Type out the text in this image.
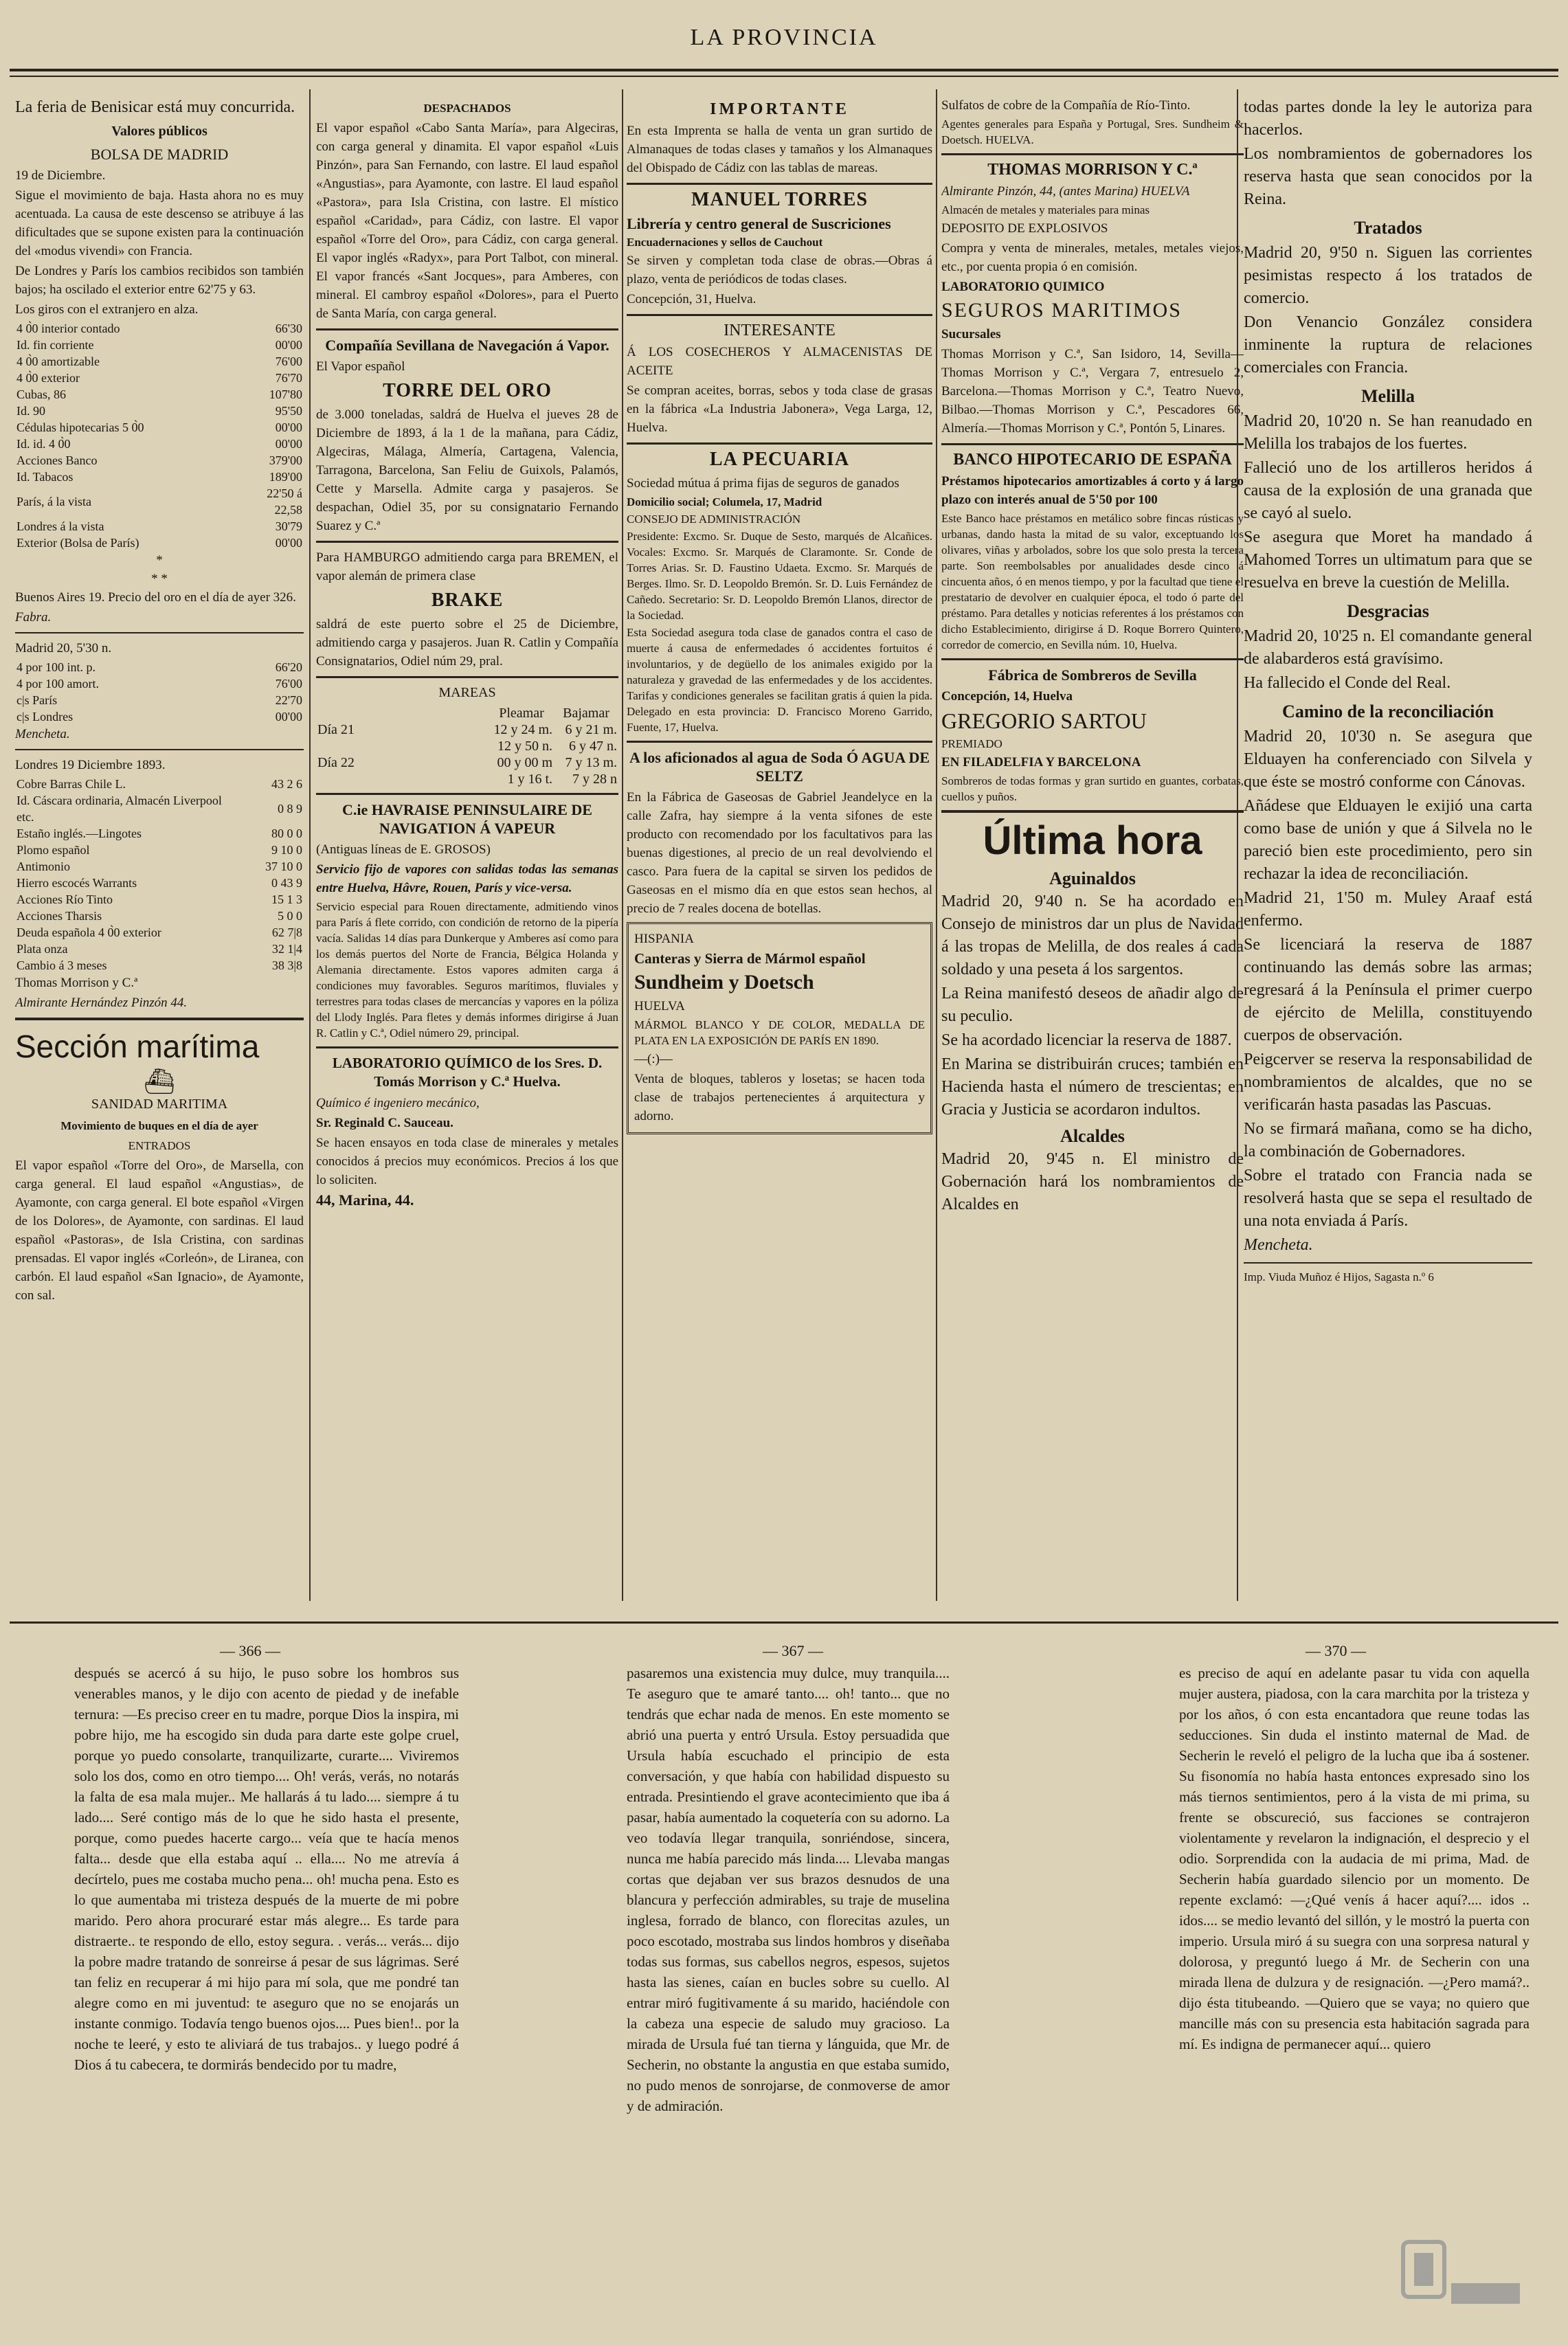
LA PROVINCIA

La feria de Benisicar está muy concurrida.

Valores públicos
BOLSA DE MADRID

19 de Diciembre.

Sigue el movimiento de baja. Hasta ahora no es muy acentuada. La causa de este descenso se atribuye á las dificultades que se supone existen para la continuación del «modus vivendi» con Francia.

De Londres y París los cambios recibidos son también bajos; ha oscilado el exterior entre 62'75 y 63.

Los giros con el extranjero en alza.

4 0̀0 interior contado	66'30
Id. fin corriente	00'00
4 0̀0 amortizable	76'00
4 0̀0 exterior	76'70
Cubas, 86	107'80
Id. 90	95'50
Cédulas hipotecarias 5 0̀0	00'00
Id. id. 4 0̀0	00'00
Acciones Banco	379'00
Id. Tabacos	189'00
París, á la vista	22'50 á 22,58
Londres á la vista	30'79
Exterior (Bolsa de París)	00'00
*
* *

Buenos Aires 19. Precio del oro en el día de ayer 326.

Fabra.

Madrid 20, 5'30 n.

4 por 100 int. p.	66'20
4 por 100 amort.	76'00
c|s París	22'70
c|s Londres	00'00

Mencheta.

Londres 19 Diciembre 1893.

Cobre Barras Chile L.	43 2 6
Id. Cáscara ordinaria, Almacén Liverpool etc.	0 8 9
Estaño inglés.—Lingotes	80 0 0
Plomo español	9 10 0
Antimonio	37 10 0
Hierro escocés Warrants	0 43 9
Acciones Río Tinto	15 1 3
Acciones Tharsis	5 0 0
Deuda española 4 0̀0 exterior	62 7|8
Plata onza	32 1|4
Cambio á 3 meses	38 3|8

Thomas Morrison y C.ª

Almirante Hernández Pinzón 44.

Sección marítima
⛴
SANIDAD MARITIMA
Movimiento de buques en el día de ayer
ENTRADOS

El vapor español «Torre del Oro», de Marsella, con carga general. El laud español «Angustias», de Ayamonte, con carga general. El bote español «Virgen de los Dolores», de Ayamonte, con sardinas. El laud español «Pastoras», de Isla Cristina, con sardinas prensadas. El vapor inglés «Corleón», de Liranea, con carbón. El laud español «San Ignacio», de Ayamonte, con sal.

DESPACHADOS

El vapor español «Cabo Santa María», para Algeciras, con carga general y dinamita. El vapor español «Luis Pinzón», para San Fernando, con lastre. El laud español «Angustias», para Ayamonte, con lastre. El laud español «Pastora», para Isla Cristina, con lastre. El místico español «Caridad», para Cádiz, con lastre. El vapor español «Torre del Oro», para Cádiz, con carga general. El vapor inglés «Radyx», para Port Talbot, con mineral. El vapor francés «Sant Jocques», para Amberes, con mineral. El cambroy español «Dolores», para el Puerto de Santa María, con carga general.

Compañía Sevillana de Navegación á Vapor.

El Vapor español

TORRE DEL ORO

de 3.000 toneladas, saldrá de Huelva el jueves 28 de Diciembre de 1893, á la 1 de la mañana, para Cádiz, Algeciras, Málaga, Almería, Cartagena, Valencia, Tarragona, Barcelona, San Feliu de Guixols, Palamós, Cette y Marsella. Admite carga y pasajeros. Se despachan, Odiel 35, por su consignatario Fernando Suarez y C.ª

Para HAMBURGO admitiendo carga para BREMEN, el vapor alemán de primera clase

BRAKE

saldrá de este puerto sobre el 25 de Diciembre, admitiendo carga y pasajeros. Juan R. Catlin y Compañía Consignatarios, Odiel núm 29, pral.

MAREAS
	Pleamar	Bajamar
Día 21	12 y 24 m.	6 y 21 m.
	12 y 50 n.	6 y 47 n.
Día 22	00 y 00 m	7 y 13 m.
	1 y 16 t.	7 y 28 n
C.ie HAVRAISE PENINSULAIRE DE NAVIGATION Á VAPEUR

(Antiguas líneas de E. GROSOS)

Servicio fijo de vapores con salidas todas las semanas entre Huelva, Hâvre, Rouen, París y vice-versa.

Servicio especial para Rouen directamente, admitiendo vinos para París á flete corrido, con condición de retorno de la pipería vacía. Salidas 14 días para Dunkerque y Amberes así como para los demás puertos del Norte de Francia, Bélgica Holanda y Alemania directamente. Estos vapores admiten carga á condiciones muy favorables. Seguros marítimos, fluviales y terrestres para todas clases de mercancías y vapores en la póliza del Llody Inglés. Para fletes y demás informes dirigirse á Juan R. Catlin y C.ª, Odiel número 29, principal.

LABORATORIO QUÍMICO de los Sres. D. Tomás Morrison y C.ª Huelva.

Químico é ingeniero mecánico,

Sr. Reginald C. Sauceau.

Se hacen ensayos en toda clase de minerales y metales conocidos á precios muy económicos. Precios á los que lo soliciten.

44, Marina, 44.

IMPORTANTE

En esta Imprenta se halla de venta un gran surtido de Almanaques de todas clases y tamaños y los Almanaques del Obispado de Cádiz con las tablas de mareas.

MANUEL TORRES

Librería y centro general de Suscriciones

Encuadernaciones y sellos de Cauchout

Se sirven y completan toda clase de obras.—Obras á plazo, venta de periódicos de todas clases.

Concepción, 31, Huelva.

INTERESANTE

Á LOS COSECHEROS Y ALMACENISTAS DE ACEITE

Se compran aceites, borras, sebos y toda clase de grasas en la fábrica «La Industria Jabonera», Vega Larga, 12, Huelva.

LA PECUARIA

Sociedad mútua á prima fijas de seguros de ganados

Domicilio social; Columela, 17, Madrid

CONSEJO DE ADMINISTRACIÓN

Presidente: Excmo. Sr. Duque de Sesto, marqués de Alcañices. Vocales: Excmo. Sr. Marqués de Claramonte. Sr. Conde de Torres Arias. Sr. D. Faustino Udaeta. Excmo. Sr. Marqués de Berges. Ilmo. Sr. D. Leopoldo Bremón. Sr. D. Luis Fernández de Cañedo. Secretario: Sr. D. Leopoldo Bremón Llanos, director de la Sociedad.

Esta Sociedad asegura toda clase de ganados contra el caso de muerte á causa de enfermedades ó accidentes fortuitos é involuntarios, y de degüello de los animales exigido por la naturaleza y gravedad de las enfermedades y de los accidentes. Tarifas y condiciones generales se facilitan gratis á quien la pida. Delegado en esta provincia: D. Francisco Moreno Garrido, Fuente, 17, Huelva.

A los aficionados al agua de Soda Ó AGUA DE SELTZ

En la Fábrica de Gaseosas de Gabriel Jeandelyce en la calle Zafra, hay siempre á la venta sifones de este producto con recomendado por los facultativos para las buenas digestiones, al precio de un real devolviendo el casco. Para fuera de la capital se sirven los pedidos de Gaseosas en el mismo día en que estos sean hechos, al precio de 7 reales docena de botellas.

HISPANIA

Canteras y Sierra de Mármol español

Sundheim y Doetsch

HUELVA

MÁRMOL BLANCO Y DE COLOR, MEDALLA DE PLATA EN LA EXPOSICIÓN DE PARÍS EN 1890.

—(:)—

Venta de bloques, tableros y losetas; se hacen toda clase de trabajos pertenecientes á arquitectura y adorno.

Sulfatos de cobre de la Compañía de Río-Tinto.

Agentes generales para España y Portugal, Sres. Sundheim & Doetsch. HUELVA.

THOMAS MORRISON Y C.ª

Almirante Pinzón, 44, (antes Marina) HUELVA

Almacén de metales y materiales para minas

DEPOSITO DE EXPLOSIVOS

Compra y venta de minerales, metales, metales viejos, etc., por cuenta propia ó en comisión.

LABORATORIO QUIMICO

SEGUROS MARITIMOS

Sucursales

Thomas Morrison y C.ª, San Isidoro, 14, Sevilla—Thomas Morrison y C.ª, Vergara 7, entresuelo 2, Barcelona.—Thomas Morrison y C.ª, Teatro Nuevo, Bilbao.—Thomas Morrison y C.ª, Pescadores 66, Almería.—Thomas Morrison y C.ª, Pontón 5, Linares.

BANCO HIPOTECARIO DE ESPAÑA

Préstamos hipotecarios amortizables á corto y á largo plazo con interés anual de 5'50 por 100

Este Banco hace préstamos en metálico sobre fincas rústicas y urbanas, dando hasta la mitad de su valor, exceptuando los olivares, viñas y arbolados, sobre los que solo presta la tercera parte. Son reembolsables por anualidades desde cinco á cincuenta años, ó en menos tiempo, y por la facultad que tiene el prestatario de devolver en cualquier época, el todo ó parte del préstamo. Para detalles y noticias referentes á los préstamos con dicho Establecimiento, dirigirse á D. Roque Borrero Quintero, corredor de comercio, en Sevilla núm. 10, Huelva.

Fábrica de Sombreros de Sevilla

Concepción, 14, Huelva

GREGORIO SARTOU

PREMIADO

EN FILADELFIA Y BARCELONA

Sombreros de todas formas y gran surtido en guantes, corbatas, cuellos y puños.

Última hora
Aguinaldos

Madrid 20, 9'40 n. Se ha acordado en Consejo de ministros dar un plus de Navidad á las tropas de Melilla, de dos reales á cada soldado y una peseta á los sargentos.

La Reina manifestó deseos de añadir algo de su peculio.

Se ha acordado licenciar la reserva de 1887.

En Marina se distribuirán cruces; también en Hacienda hasta el número de trescientas; en Gracia y Justicia se acordaron indultos.

Alcaldes

Madrid 20, 9'45 n. El ministro de Gobernación hará los nombramientos de Alcaldes en

todas partes donde la ley le autoriza para hacerlos.

Los nombramientos de gobernadores los reserva hasta que sean conocidos por la Reina.

Tratados

Madrid 20, 9'50 n. Siguen las corrientes pesimistas respecto á los tratados de comercio.

Don Venancio González considera inminente la ruptura de relaciones comerciales con Francia.

Melilla

Madrid 20, 10'20 n. Se han reanudado en Melilla los trabajos de los fuertes.

Falleció uno de los artilleros heridos á causa de la explosión de una granada que se cayó al suelo.

Se asegura que Moret ha mandado á Mahomed Torres un ultimatum para que se resuelva en breve la cuestión de Melilla.

Desgracias

Madrid 20, 10'25 n. El comandante general de alabarderos está gravísimo.

Ha fallecido el Conde del Real.

Camino de la reconciliación

Madrid 20, 10'30 n. Se asegura que Elduayen ha conferenciado con Silvela y que éste se mostró conforme con Cánovas.

Añádese que Elduayen le exijió una carta como base de unión y que á Silvela no le pareció bien este procedimiento, pero sin rechazar la idea de reconciliación.

Madrid 21, 1'50 m. Muley Araaf está enfermo.

Se licenciará la reserva de 1887 continuando las demás sobre las armas; regresará á la Península el primer cuerpo de ejército de Melilla, constituyendo cuerpos de observación.

Peigcerver se reserva la responsabilidad de nombramientos de alcaldes, que no se verificarán hasta pasadas las Pascuas.

No se firmará mañana, como se ha dicho, la combinación de Gobernadores.

Sobre el tratado con Francia nada se resolverá hasta que se sepa el resultado de una nota enviada á París.

Mencheta.

Imp. Viuda Muñoz é Hijos, Sagasta n.º 6

— 366 —	— 367 —	— 370 —

después se acercó á su hijo, le puso sobre los hombros sus venerables manos, y le dijo con acento de piedad y de inefable ternura: —Es preciso creer en tu madre, porque Dios la inspira, mi pobre hijo, me ha escogido sin duda para darte este golpe cruel, porque yo puedo consolarte, tranquilizarte, curarte.... Viviremos solo los dos, como en otro tiempo.... Oh! verás, verás, no notarás la falta de esa mala mujer.. Me hallarás á tu lado.... siempre á tu lado.... Seré contigo más de lo que he sido hasta el presente, porque, como puedes hacerte cargo... veía que te hacía menos falta... desde que ella estaba aquí .. ella.... No me atrevía á decírtelo, pues me costaba mucho pena... oh! mucha pena. Esto es lo que aumentaba mi tristeza después de la muerte de mi pobre marido. Pero ahora procuraré estar más alegre... Es tarde para distraerte.. te respondo de ello, estoy segura. . verás... verás... dijo la pobre madre tratando de sonreirse á pesar de sus lágrimas. Seré tan feliz en recuperar á mi hijo para mí sola, que me pondré tan alegre como en mi juventud: te aseguro que no se enojarás un instante conmigo. Todavía tengo buenos ojos.... Pues bien!.. por la noche te leeré, y esto te aliviará de tus trabajos.. y luego podré á Dios á tu cabecera, te dormirás bendecido por tu madre,

pasaremos una existencia muy dulce, muy tranquila.... Te aseguro que te amaré tanto.... oh! tanto... que no tendrás que echar nada de menos. En este momento se abrió una puerta y entró Ursula. Estoy persuadida que Ursula había escuchado el principio de esta conversación, y que había con habilidad dispuesto su entrada. Presintiendo el grave acontecimiento que iba á pasar, había aumentado la coquetería con su adorno. La veo todavía llegar tranquila, sonriéndose, sincera, nunca me había parecido más linda.... Llevaba mangas cortas que dejaban ver sus brazos desnudos de una blancura y perfección admirables, su traje de muselina inglesa, forrado de blanco, con florecitas azules, un poco escotado, mostraba sus lindos hombros y diseñaba todas sus formas, sus cabellos negros, espesos, sujetos hasta las sienes, caían en bucles sobre su cuello. Al entrar miró fugitivamente á su marido, haciéndole con la cabeza una especie de saludo muy gracioso. La mirada de Ursula fué tan tierna y lánguida, que Mr. de Secherin, no obstante la angustia en que estaba sumido, no pudo menos de sonrojarse, de conmoverse de amor y de admiración.

es preciso de aquí en adelante pasar tu vida con aquella mujer austera, piadosa, con la cara marchita por la tristeza y por los años, ó con esta encantadora que reune todas las seducciones. Sin duda el instinto maternal de Mad. de Secherin le reveló el peligro de la lucha que iba á sostener. Su fisonomía no había hasta entonces expresado sino los más tiernos sentimientos, pero á la vista de mi prima, su frente se obscureció, sus facciones se contrajeron violentamente y revelaron la indignación, el desprecio y el odio. Sorprendida con la audacia de mi prima, Mad. de Secherin había guardado silencio por un momento. De repente exclamó: —¿Qué venís á hacer aquí?.... idos .. idos.... se medio levantó del sillón, y le mostró la puerta con imperio. Ursula miró á su suegra con una sorpresa natural y dolorosa, y preguntó luego á Mr. de Secherin con una mirada llena de dulzura y de resignación. —¿Pero mamá?.. dijo ésta titubeando. —Quiero que se vaya; no quiero que mancille más con su presencia esta habitación sagrada para mí. Es indigna de permanecer aquí... quiero
